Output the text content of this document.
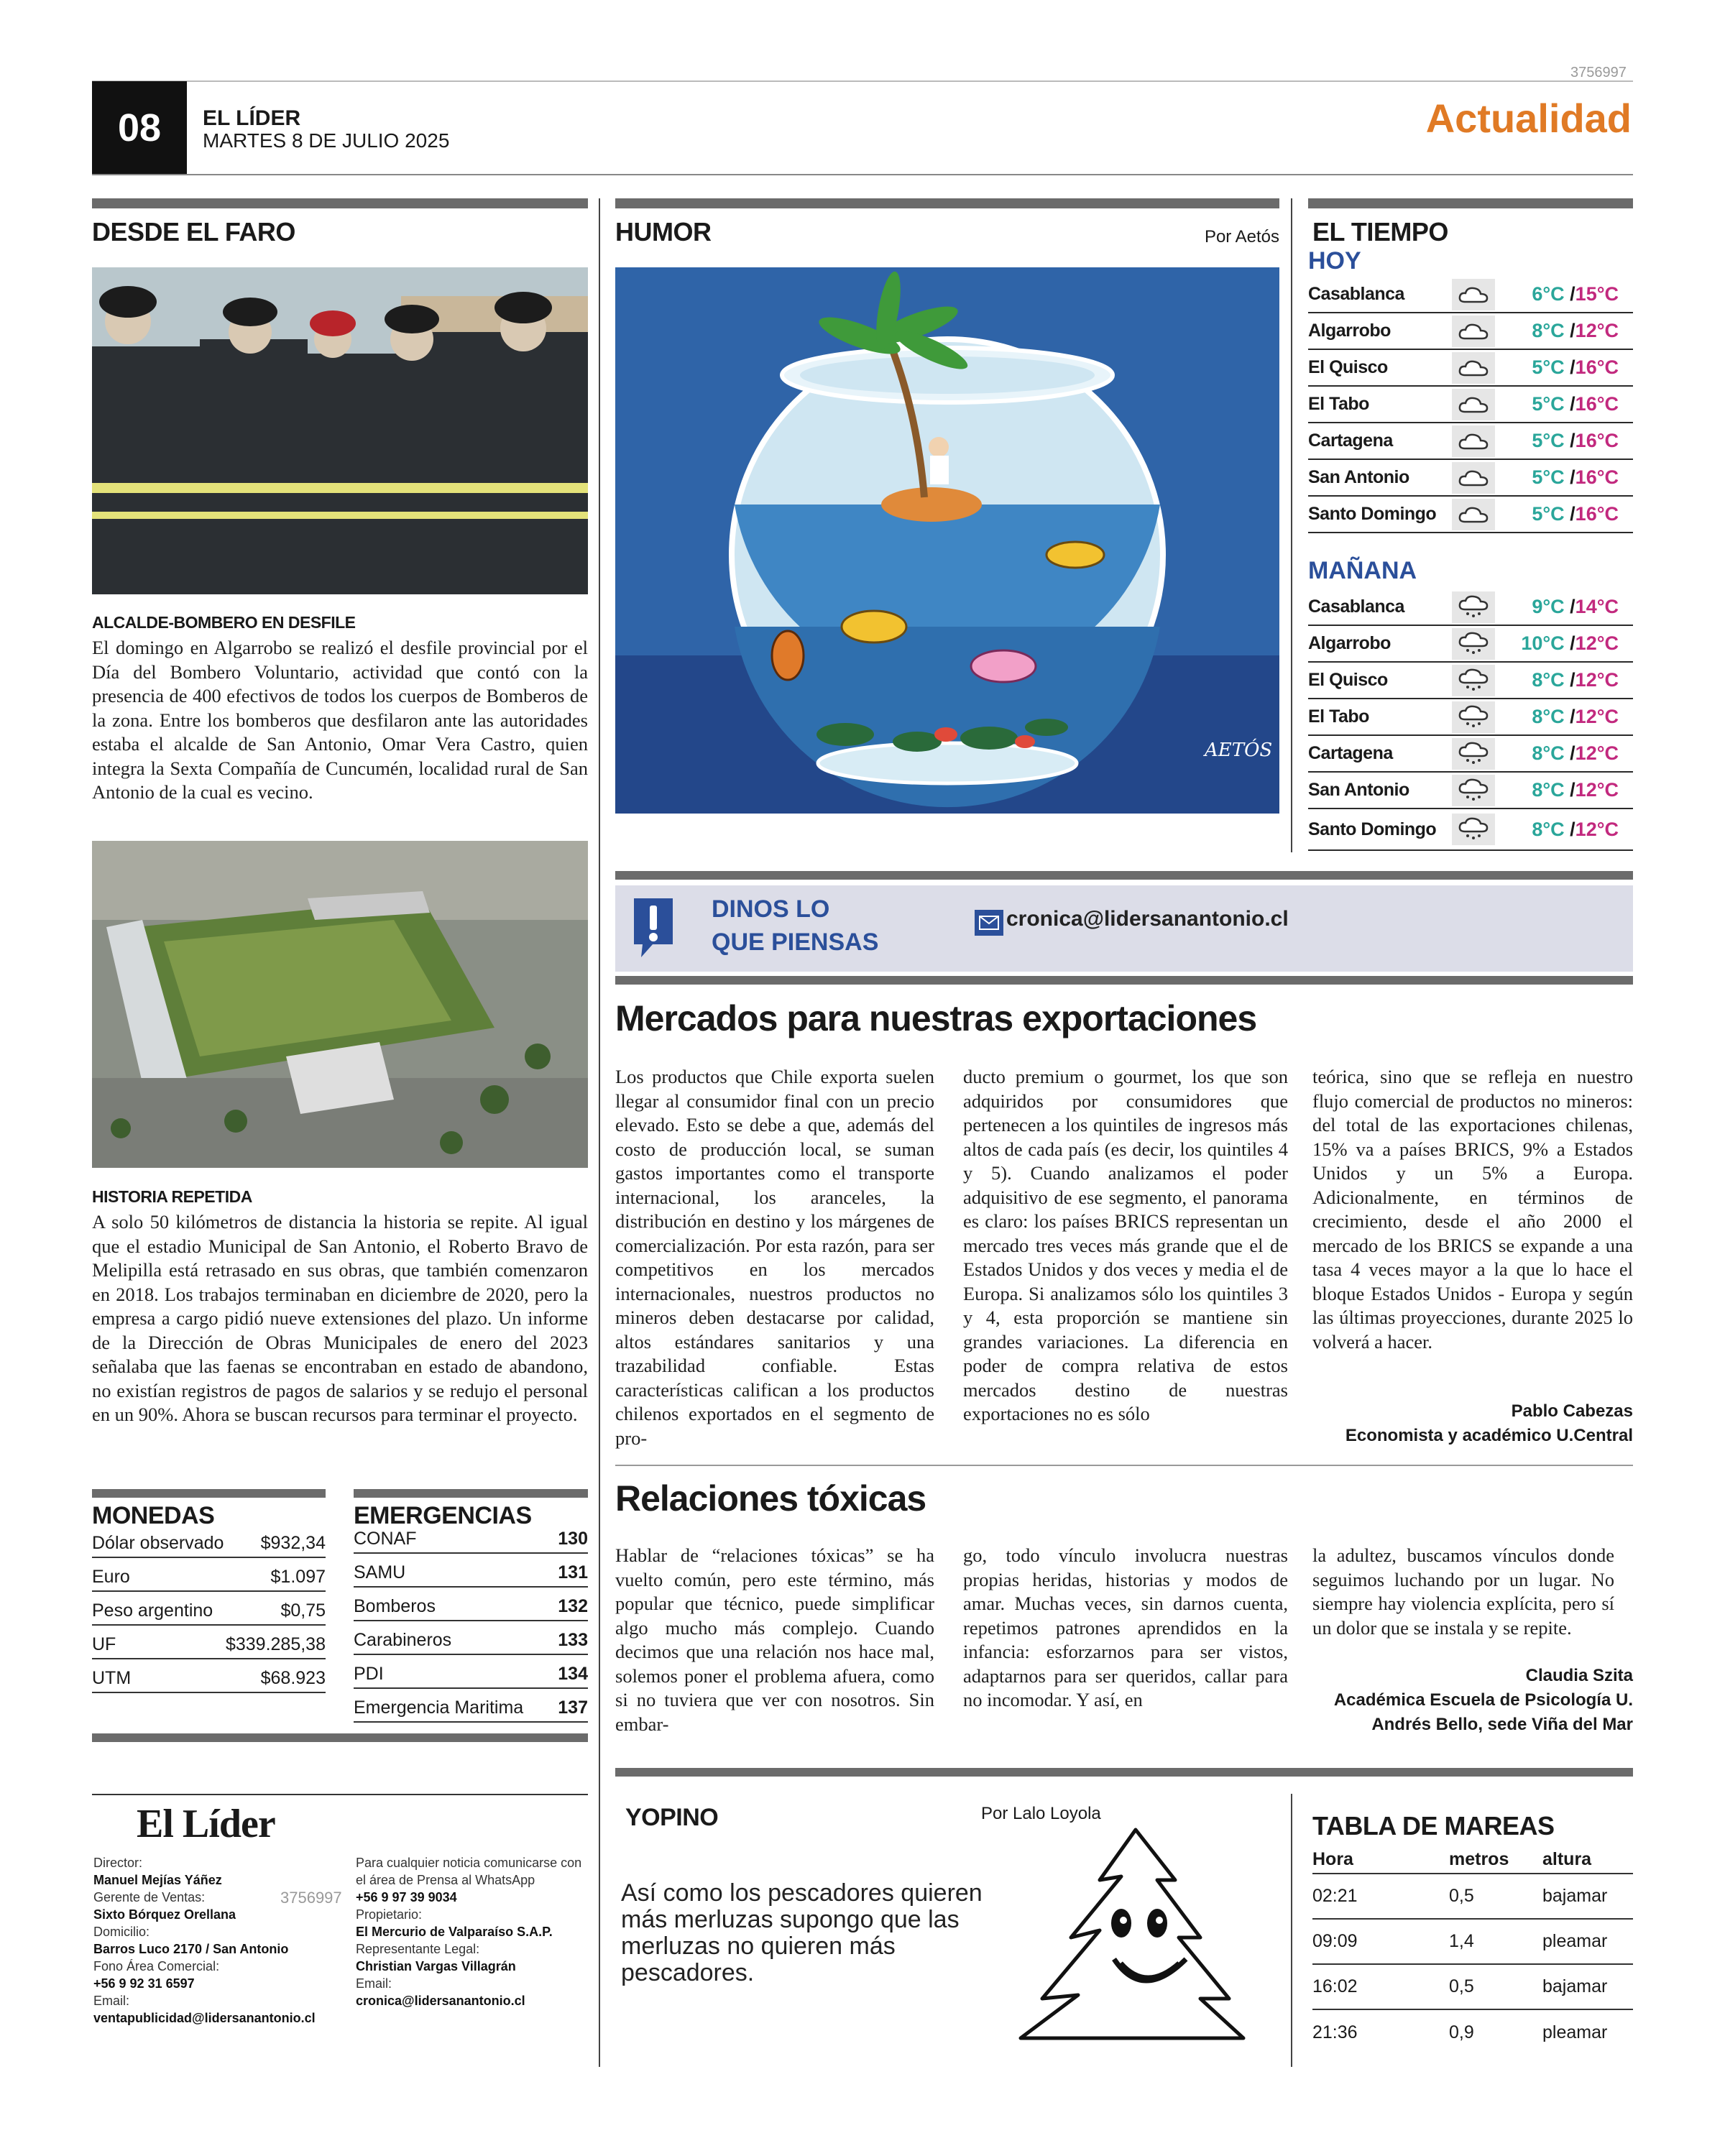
3756997
08 EL LÍDER
MARTES 8 DE JULIO 2025	Actualidad
DESDE EL FARO
ALCALDE-BOMBERO EN DESFILE
El domingo en Algarrobo se realizó el desfile provincial por el Día del Bombero Voluntario, actividad que contó con la presencia de 400 efectivos de todos los cuerpos de Bomberos de la zona. Entre los bomberos que desfilaron ante las autoridades estaba el alcalde de San Antonio, Omar Vera Castro, quien integra la Sexta Compañía de Cuncumén, localidad rural de San Antonio de la cual es vecino.
HISTORIA REPETIDA
A solo 50 kilómetros de distancia la historia se repite. Al igual que el estadio Municipal de San Antonio, el Roberto Bravo de Melipilla está retrasado en sus obras, que también comenzaron en 2018. Los trabajos terminaban en diciembre de 2020, pero la empresa a cargo pidió nueve extensiones del plazo. Un informe de la Dirección de Obras Municipales de enero del 2023 señalaba que las faenas se encontraban en estado de abandono, no existían registros de pagos de salarios y se redujo el personal en un 90%. Ahora se buscan recursos para terminar el proyecto.
MONEDAS
Dólar observado $932,34
Euro	$1.097
Peso argentino	$0,75
UF	$339.285,38
UTM	$68.923
EMERGENCIAS
CONAF	130
SAMU	131
Bomberos	132
Carabineros	133
PDI	134
Emergencia Maritima 137
El Líder
Director:
Manuel Mejías Yáñez
Gerente de Ventas:
Sixto Bórquez Orellana
Domicilio:
Barros Luco 2170 / San Antonio
Fono Área Comercial:
+56 9 92 31 6597
Email:
ventapublicidad@lidersanantonio.cl
3756997
Para cualquier noticia comunicarse con el área de Prensa al WhatsApp
+56 9 97 39 9034
Propietario:
El Mercurio de Valparaíso S.A.P.
Representante Legal:
Christian Vargas Villagrán
Email:
cronica@lidersanantonio.cl
HUMOR	Por Aetós
AETÓS
EL TIEMPO
HOY
Casablanca	6°C /15°C
Algarrobo	8°C /12°C
El Quisco	5°C /16°C
El Tabo	5°C /16°C
Cartagena	5°C /16°C
San Antonio	5°C /16°C
Santo Domingo	5°C /16°C
MAÑANA
Casablanca	9°C /14°C
Algarrobo	10°C /12°C
El Quisco	8°C /12°C
El Tabo	8°C /12°C
Cartagena	8°C /12°C
San Antonio	8°C /12°C
Santo Domingo	8°C /12°C
DINOS LO
QUE PIENSAS
cronica@lidersanantonio.cl
Mercados para nuestras exportaciones
Los productos que Chile exporta suelen llegar al consumidor final con un precio elevado. Esto se debe a que, además del costo de producción local, se suman gastos importantes como el transporte internacional, los aranceles, la distribución en destino y los márgenes de comercialización. Por esta razón, para ser competitivos en los mercados internacionales, nuestros productos no mineros deben destacarse por calidad, altos estándares sanitarios y una trazabilidad confiable. Estas características califican a los productos chilenos exportados en el segmento de pro-
ducto premium o gourmet, los que son adquiridos por consumidores que pertenecen a los quintiles de ingresos más altos de cada país (es decir, los quintiles 4 y 5). Cuando analizamos el poder adquisitivo de ese segmento, el panorama es claro: los países BRICS representan un mercado tres veces más grande que el de Estados Unidos y dos veces y media el de Europa. Si analizamos sólo los quintiles 3 y 4, esta proporción se mantiene sin grandes variaciones. La diferencia en poder de compra relativa de estos mercados destino de nuestras exportaciones no es sólo
teórica, sino que se refleja en nuestro flujo comercial de productos no mineros: del total de las exportaciones chilenas, 15% va a países BRICS, 9% a Estados Unidos y un 5% a Europa. Adicionalmente, en términos de crecimiento, desde el año 2000 el mercado de los BRICS se expande a una tasa 4 veces mayor a la que lo hace el bloque Estados Unidos - Europa y según las últimas proyecciones, durante 2025 lo volverá a hacer.
Pablo Cabezas
Economista y académico U.Central
Relaciones tóxicas
Hablar de “relaciones tóxicas” se ha vuelto común, pero este término, más popular que técnico, puede simplificar algo mucho más complejo. Cuando decimos que una relación nos hace mal, solemos poner el problema afuera, como si no tuviera que ver con nosotros. Sin embar-
go, todo vínculo involucra nuestras propias heridas, historias y modos de amar. Muchas veces, sin darnos cuenta, repetimos patrones aprendidos en la infancia: esforzarnos para ser vistos, adaptarnos para ser queridos, callar para no incomodar. Y así, en
la adultez, buscamos vínculos donde seguimos luchando por un lugar. No siempre hay violencia explícita, pero sí un dolor que se instala y se repite.
Claudia Szita
Académica Escuela de Psicología U.
Andrés Bello, sede Viña del Mar
YOPINO	Por Lalo Loyola
Así como los pescadores quieren más merluzas supongo que las merluzas no quieren más pescadores.
TABLA DE MAREAS
Hora	metros	altura
02:21	0,5	bajamar
09:09	1,4	pleamar
16:02	0,5	bajamar
21:36	0,9	pleamar
